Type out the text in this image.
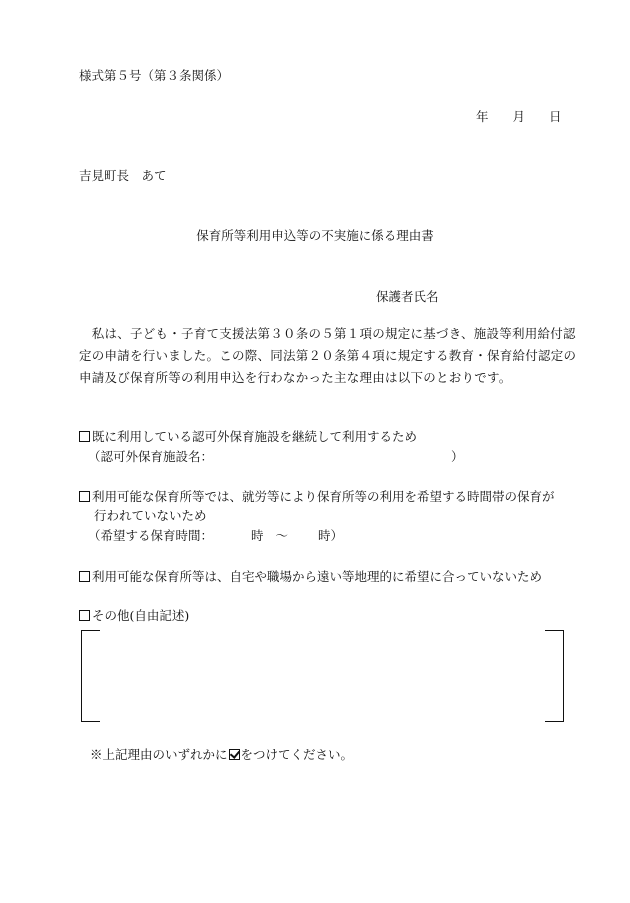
様式第５号（第３条関係）
年 月 日
吉見町長　あて
保育所等利用申込等の不実施に係る理由書
保護者氏名

　私は、子ども・子育て支援法第３０条の５第１項の規定に基づき、施設等利用給付認

定の申請を行いました。この際、同法第２０条第４項に規定する教育・保育給付認定の

申請及び保育所等の利用申込を行わなかった主な理由は以下のとおりです。

既に利用している認可外保育施設を継続して利用するため
（認可外保育施設名：	）
利用可能な保育所等では、就労等により保育所等の利用を希望する時間帯の保育が
行われていないため
（希望する保育時間：	時 ～ 時）
利用可能な保育所等は、自宅や職場から遠い等地理的に希望に合っていないため
その他(自由記述)
※上記理由のいずれかに をつけてください。
